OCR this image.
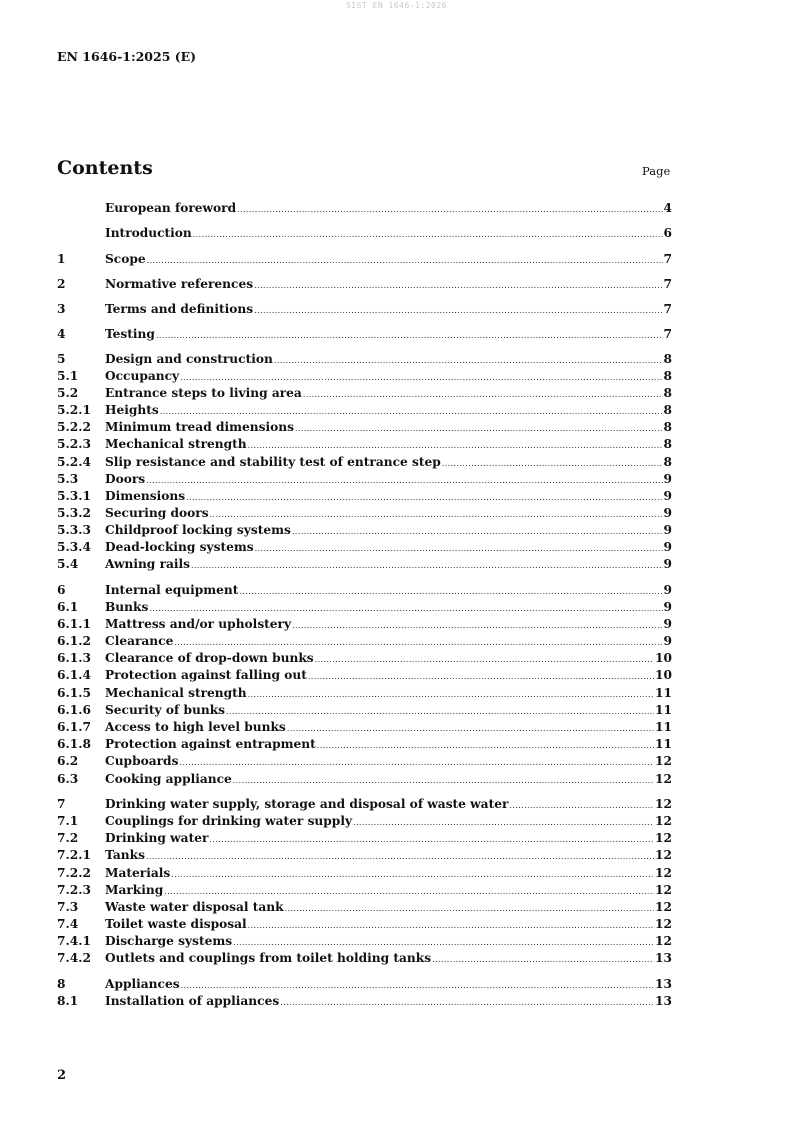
SIST EN 1646-1:2026
EN 1646-1:2025 (E)
Contents	Page
European foreword .....	4
Introduction .....	6
1	Scope .....	7
2	Normative references .....	7
3	Terms and definitions .....	7
4	Testing .....	7
5	Design and construction .....	8
5.1	Occupancy .....	8
5.2	Entrance steps to living area .....	8
5.2.1	Heights .....	8
5.2.2	Minimum tread dimensions .....	8
5.2.3	Mechanical strength .....	8
5.2.4	Slip resistance and stability test of entrance step .....	8
5.3	Doors .....	9
5.3.1	Dimensions .....	9
5.3.2	Securing doors .....	9
5.3.3	Childproof locking systems .....	9
5.3.4	Dead-locking systems .....	9
5.4	Awning rails .....	9
6	Internal equipment .....	9
6.1	Bunks .....	9
6.1.1	Mattress and/or upholstery .....	9
6.1.2	Clearance .....	9
6.1.3	Clearance of drop-down bunks .....	10
6.1.4	Protection against falling out .....	10
6.1.5	Mechanical strength .....	11
6.1.6	Security of bunks .....	11
6.1.7	Access to high level bunks .....	11
6.1.8	Protection against entrapment .....	11
6.2	Cupboards .....	12
6.3	Cooking appliance .....	12
7	Drinking water supply, storage and disposal of waste water .....	12
7.1	Couplings for drinking water supply .....	12
7.2	Drinking water .....	12
7.2.1	Tanks .....	12
7.2.2	Materials .....	12
7.2.3	Marking .....	12
7.3	Waste water disposal tank .....	12
7.4	Toilet waste disposal .....	12
7.4.1	Discharge systems .....	12
7.4.2	Outlets and couplings from toilet holding tanks .....	13
8	Appliances .....	13
8.1	Installation of appliances .....	13
2
